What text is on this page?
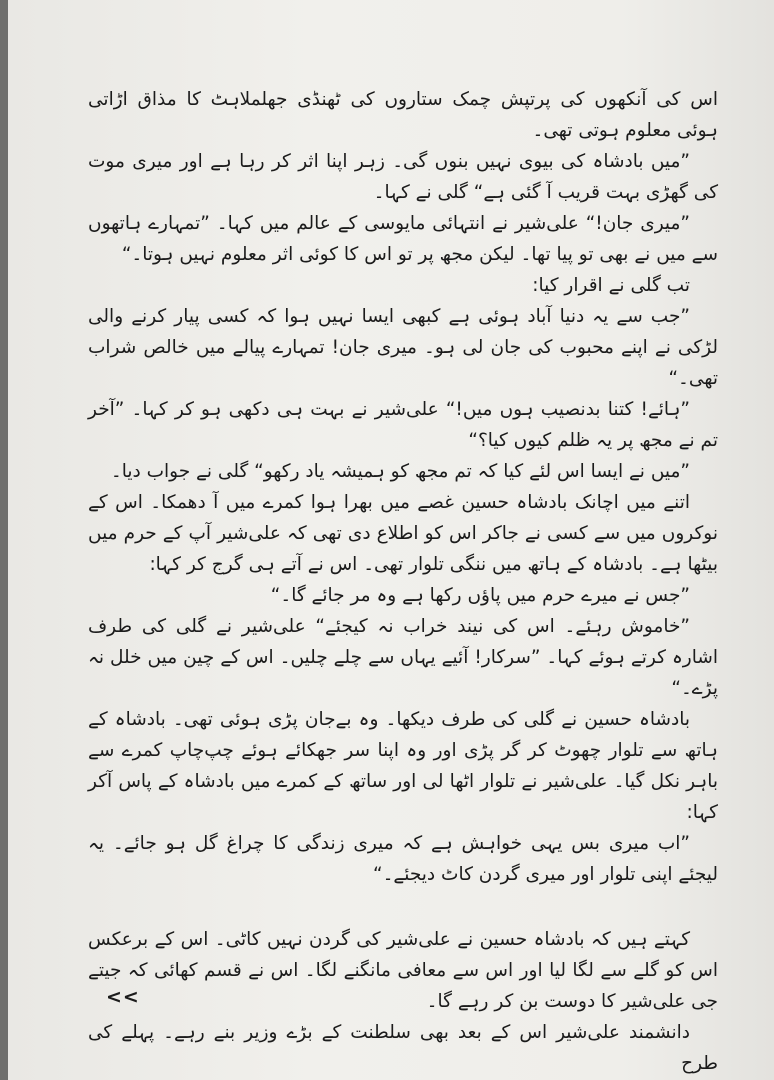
اس کی آنکھوں کی پرتپش چمک ستاروں کی ٹھنڈی جھلملاہٹ کا مذاق اڑاتی ہوئی معلوم ہوتی تھی۔

”میں بادشاہ کی بیوی نہیں بنوں گی۔ زہر اپنا اثر کر رہا ہے اور میری موت کی گھڑی بہت قریب آ گئی ہے“ گلی نے کہا۔

”میری جان!“ علی‌شیر نے انتہائی مایوسی کے عالم میں کہا۔ ”تمہارے ہاتھوں سے میں نے بھی تو پیا تھا۔ لیکن مجھ پر تو اس کا کوئی اثر معلوم نہیں ہوتا۔“

تب گلی نے اقرار کیا:

”جب سے یہ دنیا آباد ہوئی ہے کبھی ایسا نہیں ہوا کہ کسی پیار کرنے والی لڑکی نے اپنے محبوب کی جان لی ہو۔ میری جان! تمہارے پیالے میں خالص شراب تھی۔“

”ہائے! کتنا بدنصیب ہوں میں!“ علی‌شیر نے بہت ہی دکھی ہو کر کہا۔ ”آخر تم نے مجھ پر یہ ظلم کیوں کیا؟“

”میں نے ایسا اس لئے کیا کہ تم مجھ کو ہمیشہ یاد رکھو“ گلی نے جواب دیا۔

اتنے میں اچانک بادشاہ حسین غصے میں بھرا ہوا کمرے میں آ دھمکا۔ اس کے نوکروں میں سے کسی نے جاکر اس کو اطلاع دی تھی کہ علی‌شیر آپ کے حرم میں بیٹھا ہے۔ بادشاہ کے ہاتھ میں ننگی تلوار تھی۔ اس نے آتے ہی گرج کر کہا:

”جس نے میرے حرم میں پاؤں رکھا ہے وہ مر جائے گا۔“

”خاموش رہئے۔ اس کی نیند خراب نہ کیجئے“ علی‌شیر نے گلی کی طرف اشارہ کرتے ہوئے کہا۔ ”سرکار! آئیے یہاں سے چلے چلیں۔ اس کے چین میں خلل نہ پڑے۔“

بادشاہ حسین نے گلی کی طرف دیکھا۔ وہ بےجان پڑی ہوئی تھی۔ بادشاہ کے ہاتھ سے تلوار چھوٹ کر گر پڑی اور وہ اپنا سر جھکائے ہوئے چپ‌چاپ کمرے سے باہر نکل گیا۔ علی‌شیر نے تلوار اٹھا لی اور ساتھ کے کمرے میں بادشاہ کے پاس آکر کہا:

”اب میری بس یہی خواہش ہے کہ میری زندگی کا چراغ گل ہو جائے۔ یہ لیجئے اپنی تلوار اور میری گردن کاٹ دیجئے۔“

کہتے ہیں کہ بادشاہ حسین نے علی‌شیر کی گردن نہیں کاٹی۔ اس کے برعکس اس کو گلے سے لگا لیا اور اس سے معافی مانگنے لگا۔ اس نے قسم کھائی کہ جیتے جی علی‌شیر کا دوست بن کر رہے گا۔

دانشمند علی‌شیر اس کے بعد بھی سلطنت کے بڑے وزیر بنے رہے۔ پہلے کی طرح

<<
